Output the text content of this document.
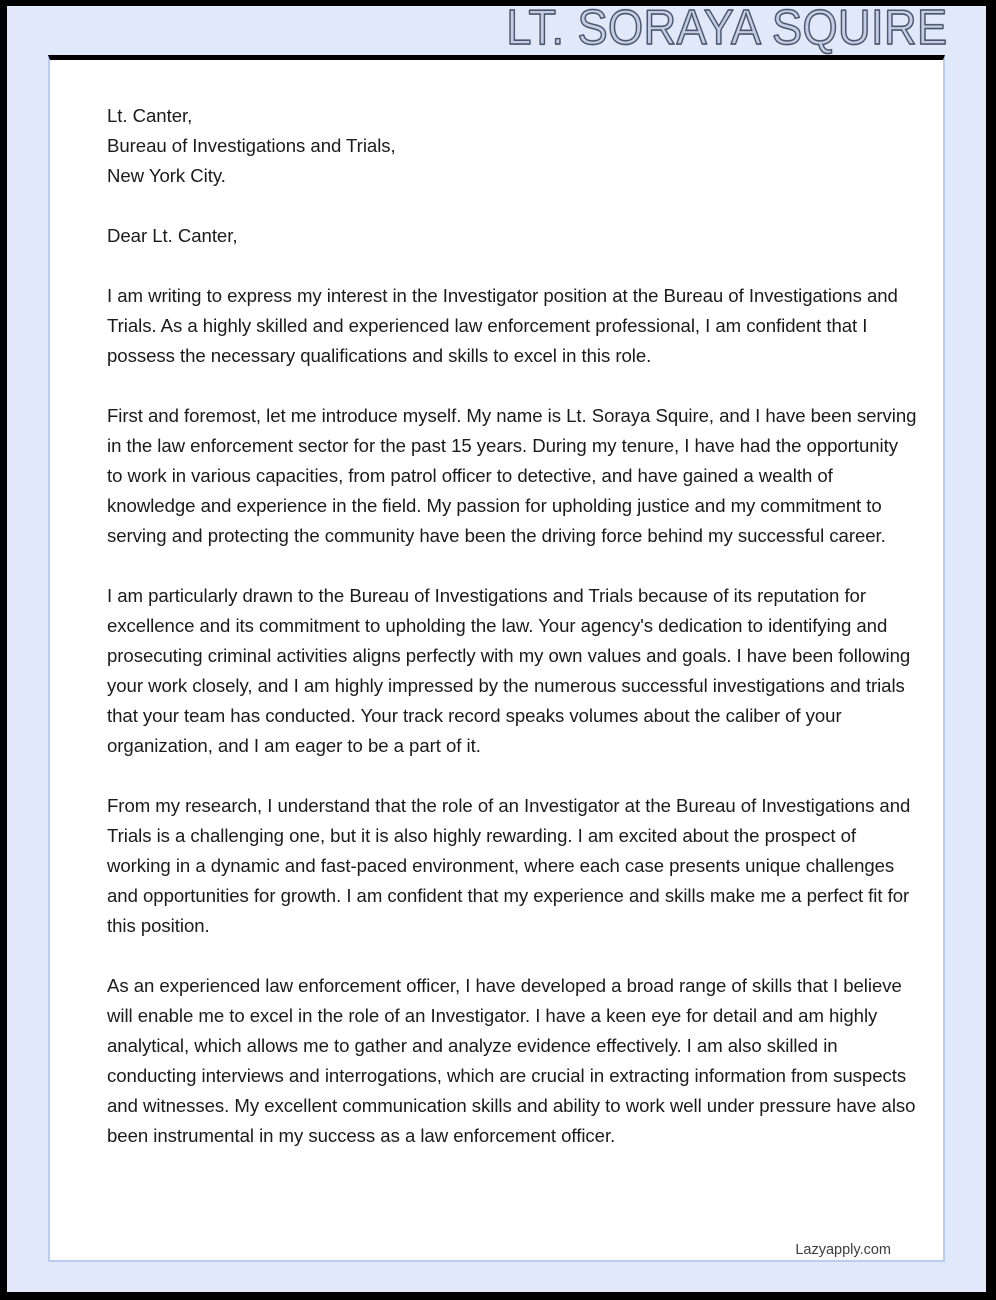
LT. SORAYA SQUIRE

Lt. Canter,

Bureau of Investigations and Trials,

New York City.

Dear Lt. Canter,

I am writing to express my interest in the Investigator position at the Bureau of Investigations and Trials. As a highly skilled and experienced law enforcement professional, I am confident that I possess the necessary qualifications and skills to excel in this role.

First and foremost, let me introduce myself. My name is Lt. Soraya Squire, and I have been serving in the law enforcement sector for the past 15 years. During my tenure, I have had the opportunity to work in various capacities, from patrol officer to detective, and have gained a wealth of knowledge and experience in the field. My passion for upholding justice and my commitment to serving and protecting the community have been the driving force behind my successful career.

I am particularly drawn to the Bureau of Investigations and Trials because of its reputation for excellence and its commitment to upholding the law. Your agency's dedication to identifying and prosecuting criminal activities aligns perfectly with my own values and goals. I have been following your work closely, and I am highly impressed by the numerous successful investigations and trials that your team has conducted. Your track record speaks volumes about the caliber of your organization, and I am eager to be a part of it.

From my research, I understand that the role of an Investigator at the Bureau of Investigations and Trials is a challenging one, but it is also highly rewarding. I am excited about the prospect of working in a dynamic and fast-paced environment, where each case presents unique challenges and opportunities for growth. I am confident that my experience and skills make me a perfect fit for this position.

As an experienced law enforcement officer, I have developed a broad range of skills that I believe will enable me to excel in the role of an Investigator. I have a keen eye for detail and am highly analytical, which allows me to gather and analyze evidence effectively. I am also skilled in conducting interviews and interrogations, which are crucial in extracting information from suspects and witnesses. My excellent communication skills and ability to work well under pressure have also been instrumental in my success as a law enforcement officer.

Lazyapply.com
